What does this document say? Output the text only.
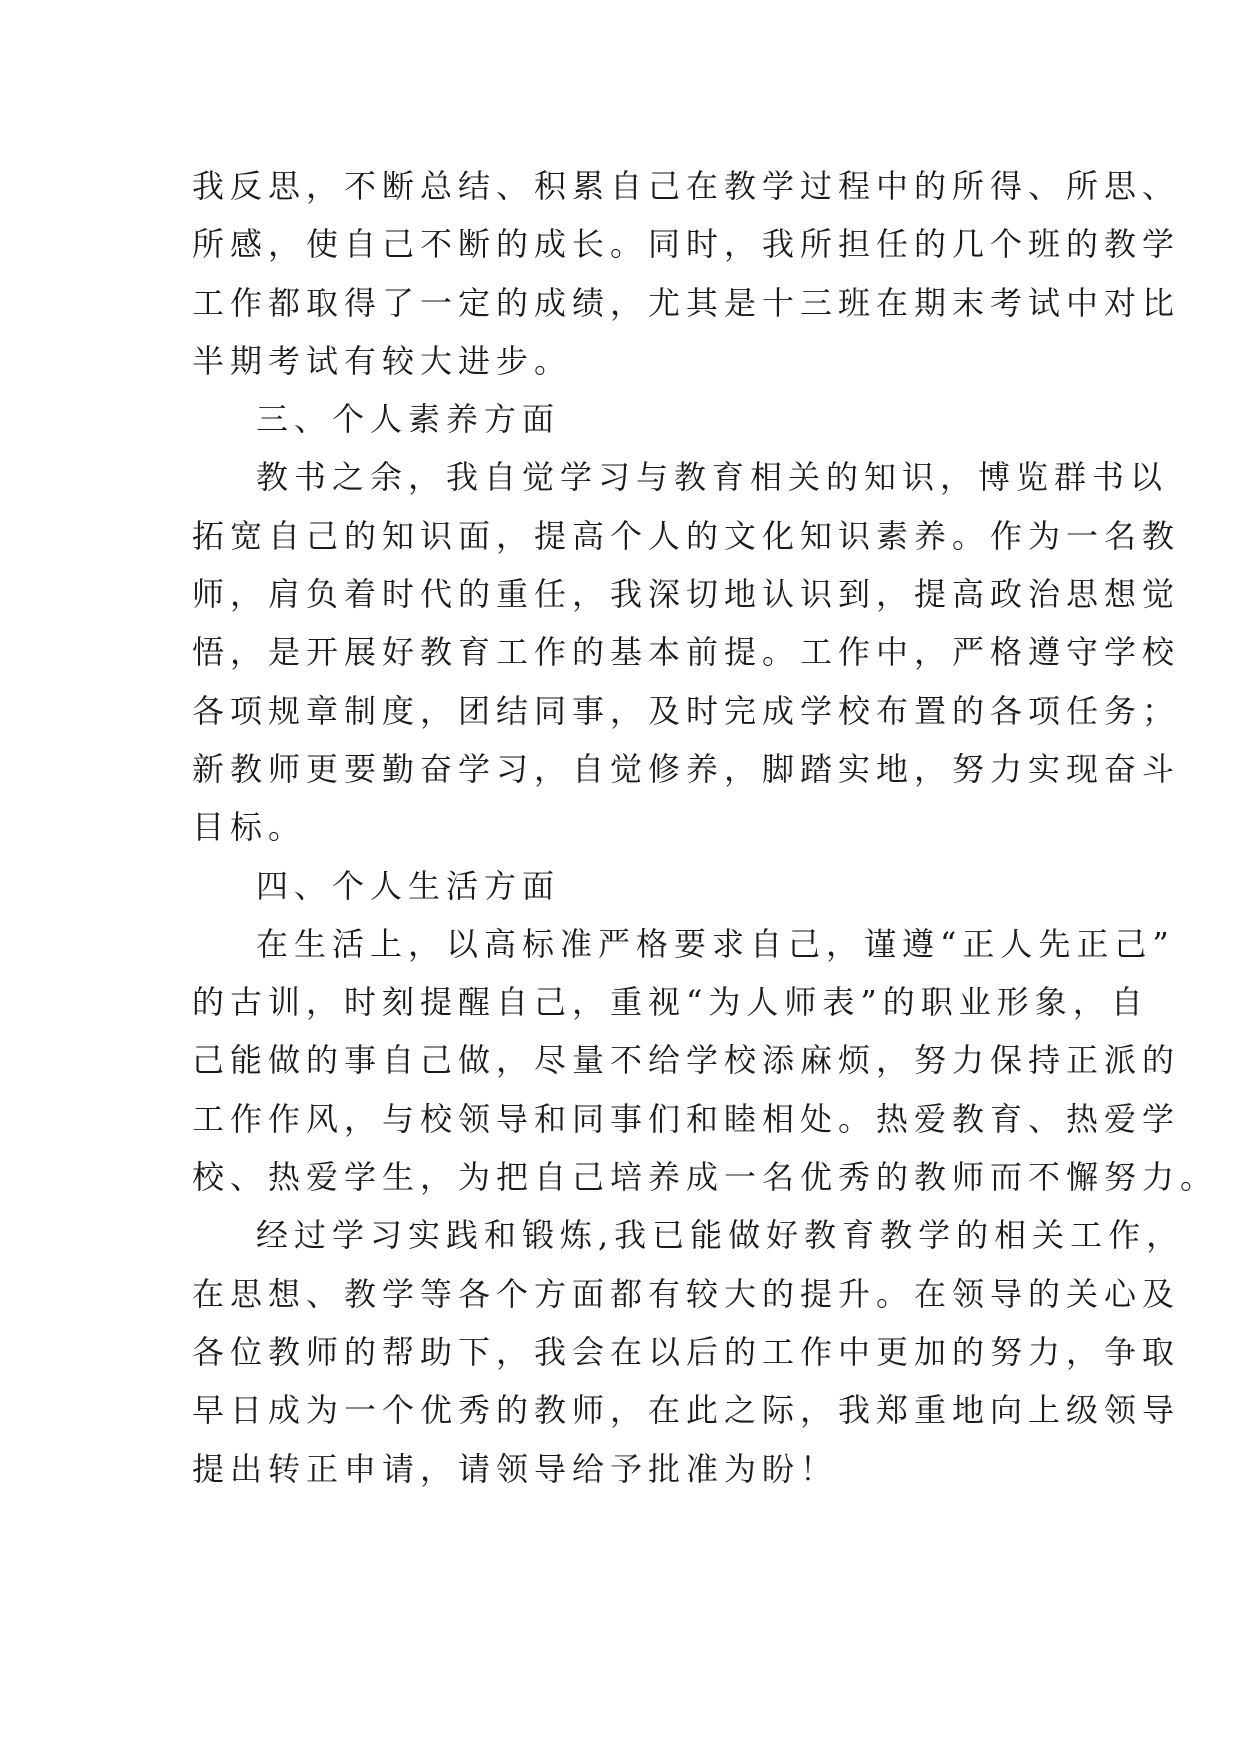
我反思，不断总结、积累自己在教学过程中的所得、所思、
所感，使自己不断的成长。同时，我所担任的几个班的教学
工作都取得了一定的成绩，尤其是十三班在期末考试中对比
半期考试有较大进步。

三、个人素养方面

教书之余，我自觉学习与教育相关的知识，博览群书以
拓宽自己的知识面，提高个人的文化知识素养。作为一名教
师，肩负着时代的重任，我深切地认识到，提高政治思想觉
悟，是开展好教育工作的基本前提。工作中，严格遵守学校
各项规章制度，团结同事，及时完成学校布置的各项任务；
新教师更要勤奋学习，自觉修养，脚踏实地，努力实现奋斗
目标。

四、个人生活方面

在生活上，以高标准严格要求自己，谨遵“正人先正己”
的古训，时刻提醒自己，重视“为人师表”的职业形象，自
己能做的事自己做，尽量不给学校添麻烦，努力保持正派的
工作作风，与校领导和同事们和睦相处。热爱教育、热爱学
校、热爱学生，为把自己培养成一名优秀的教师而不懈努力。

经过学习实践和锻炼,我已能做好教育教学的相关工作，
在思想、教学等各个方面都有较大的提升。在领导的关心及
各位教师的帮助下，我会在以后的工作中更加的努力，争取
早日成为一个优秀的教师，在此之际，我郑重地向上级领导
提出转正申请，请领导给予批准为盼！
